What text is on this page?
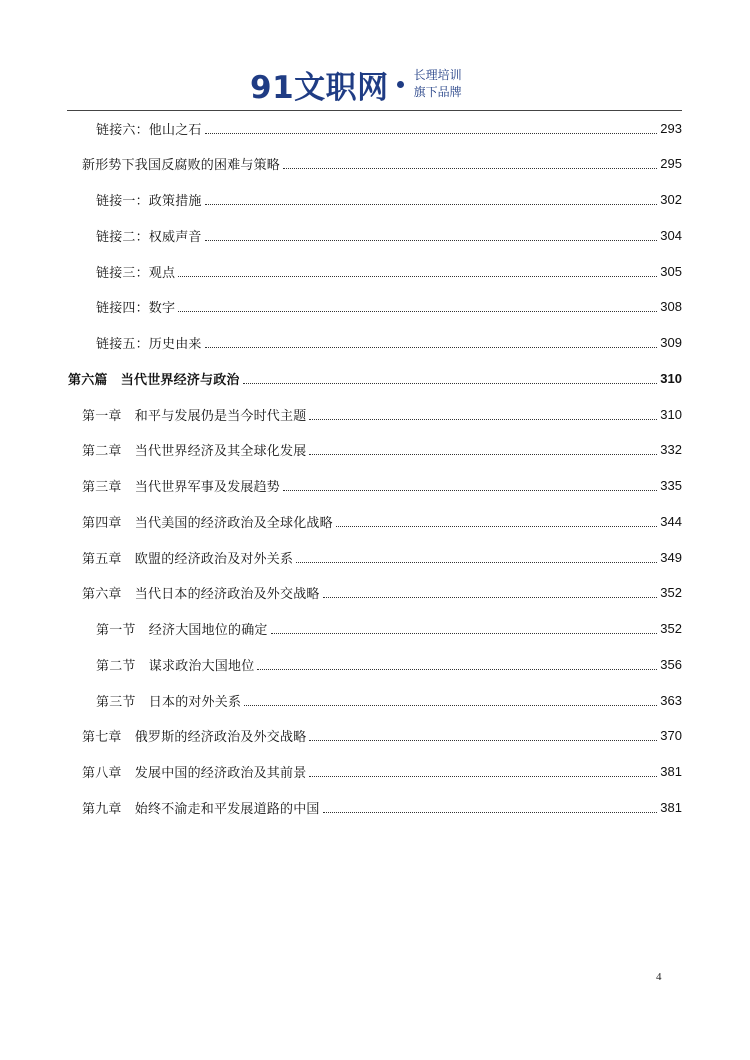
91文职网 长理培训
旗下品牌
链接六：他山之石	293
新形势下我国反腐败的困难与策略	295
链接一：政策措施	302
链接二：权威声音	304
链接三：观点	305
链接四：数字	308
链接五：历史由来	309
第六篇　当代世界经济与政治	310
第一章　和平与发展仍是当今时代主题	310
第二章　当代世界经济及其全球化发展	332
第三章　当代世界军事及发展趋势	335
第四章　当代美国的经济政治及全球化战略	344
第五章　欧盟的经济政治及对外关系	349
第六章　当代日本的经济政治及外交战略	352
第一节　经济大国地位的确定	352
第二节　谋求政治大国地位	356
第三节　日本的对外关系	363
第七章　俄罗斯的经济政治及外交战略	370
第八章　发展中国的经济政治及其前景	381
第九章　始终不渝走和平发展道路的中国	381
4
